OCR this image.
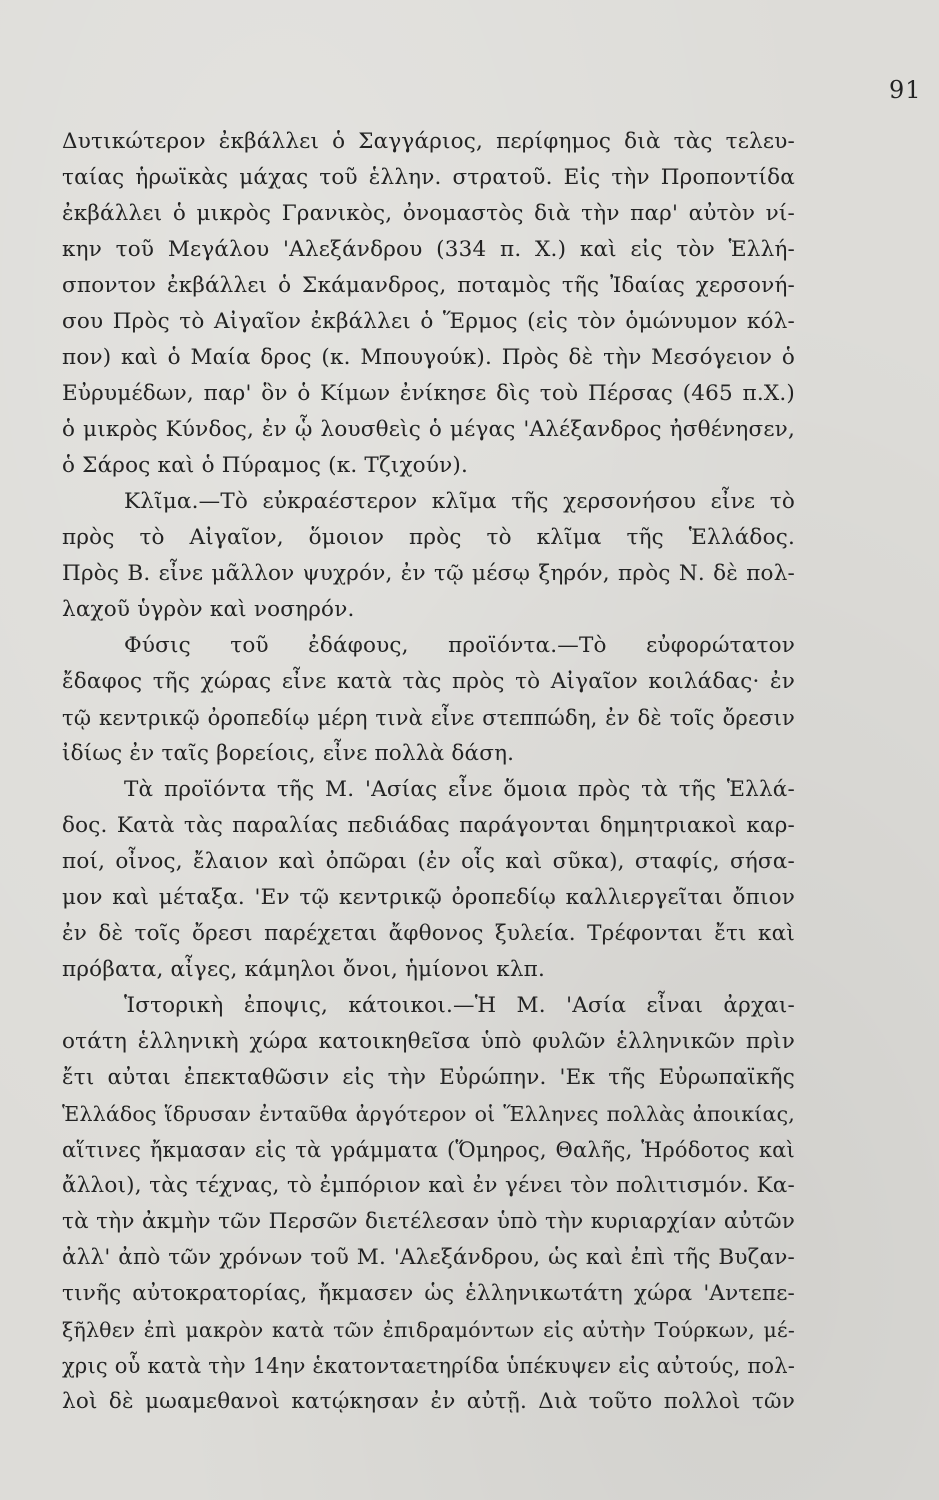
91
Δυτικώτερον ἐκβάλλει ὁ Σαγγάριος, περίφημος διὰ τὰς τελευ-
ταίας ἡρωϊκὰς μάχας τοῦ ἑλλην. στρατοῦ. Εἰς τὴν Προποντίδα
ἐκβάλλει ὁ μικρὸς Γρανικὸς, ὀνομαστὸς διὰ τὴν παρ' αὐτὸν νί-
κην τοῦ Μεγάλου 'Αλεξάνδρου (334 π. Χ.) καὶ εἰς τὸν Ἑλλή-
σποντον ἐκβάλλει ὁ Σκάμανδρος, ποταμὸς τῆς Ἰδαίας χερσονή-
σου Πρὸς τὸ Αἰγαῖον ἐκβάλλει ὁ Ἕρμος (εἰς τὸν ὁμώνυμον κόλ-
πον) καὶ ὁ Μαία δρος (κ. Μπουγούκ). Πρὸς δὲ τὴν Μεσόγειον ὁ
Εὐρυμέδων, παρ' ὃν ὁ Κίμων ἐνίκησε δὶς τοὺ Πέρσας (465 π.Χ.)
ὁ μικρὸς Κύνδος, ἐν ᾧ λουσθεὶς ὁ μέγας 'Αλέξανδρος ἠσθένησεν,
ὁ Σάρος καὶ ὁ Πύραμος (κ. Τζιχούν).
Κλῖμα.—Τὸ εὐκραέστερον κλῖμα τῆς χερσονήσου εἶνε τὸ
πρὸς τὸ Αἰγαῖον, ὅμοιον πρὸς τὸ κλῖμα τῆς Ἑλλάδος.
Πρὸς Β. εἶνε μᾶλλον ψυχρόν, ἐν τῷ μέσῳ ξηρόν, πρὸς Ν. δὲ πολ-
λαχοῦ ὑγρὸν καὶ νοσηρόν.
Φύσις τοῦ ἐδάφους, προϊόντα.—Τὸ εὐφορώτατον
ἔδαφος τῆς χώρας εἶνε κατὰ τὰς πρὸς τὸ Αἰγαῖον κοιλάδας· ἐν
τῷ κεντρικῷ ὀροπεδίῳ μέρη τινὰ εἶνε στεππώδη, ἐν δὲ τοῖς ὄρεσιν
ἰδίως ἐν ταῖς βορείοις, εἶνε πολλὰ δάση.
Τὰ προϊόντα τῆς Μ. 'Ασίας εἶνε ὅμοια πρὸς τὰ τῆς Ἑλλά-
δος. Κατὰ τὰς παραλίας πεδιάδας παράγονται δημητριακοὶ καρ-
ποί, οἶνος, ἔλαιον καὶ ὀπῶραι (ἐν οἷς καὶ σῦκα), σταφίς, σήσα-
μον καὶ μέταξα. 'Εν τῷ κεντρικῷ ὀροπεδίῳ καλλιεργεῖται ὄπιον
ἐν δὲ τοῖς ὄρεσι παρέχεται ἄφθονος ξυλεία. Τρέφονται ἔτι καὶ
πρόβατα, αἶγες, κάμηλοι ὄνοι, ἡμίονοι κλπ.
Ἱστορικὴ ἐποψις, κάτοικοι.—Ἡ Μ. 'Ασία εἶναι ἀρχαι-
οτάτη ἑλληνικὴ χώρα κατοικηθεῖσα ὑπὸ φυλῶν ἑλληνικῶν πρὶν
ἔτι αὐται ἐπεκταθῶσιν εἰς τὴν Εὐρώπην. 'Εκ τῆς Εὐρωπαϊκῆς
Ἑλλάδος ἵδρυσαν ἐνταῦθα ἀργότερον οἱ Ἕλληνες πολλὰς ἀποικίας,
αἵτινες ἤκμασαν εἰς τὰ γράμματα (Ὅμηρος, Θαλῆς, Ἡρόδοτος καὶ
ἄλλοι), τὰς τέχνας, τὸ ἐμπόριον καὶ ἐν γένει τὸν πολιτισμόν. Κα-
τὰ τὴν ἀκμὴν τῶν Περσῶν διετέλεσαν ὑπὸ τὴν κυριαρχίαν αὐτῶν
ἀλλ' ἀπὸ τῶν χρόνων τοῦ Μ. 'Αλεξάνδρου, ὡς καὶ ἐπὶ τῆς Βυζαν-
τινῆς αὐτοκρατορίας, ἤκμασεν ὡς ἑλληνικωτάτη χώρα 'Αντεπε-
ξῆλθεν ἐπὶ μακρὸν κατὰ τῶν ἐπιδραμόντων εἰς αὐτὴν Τούρκων, μέ-
χρις οὗ κατὰ τὴν 14ην ἑκατονταετηρίδα ὑπέκυψεν εἰς αὐτούς, πολ-
λοὶ δὲ μωαμεθανοὶ κατῴκησαν ἐν αὐτῇ. Διὰ τοῦτο πολλοὶ τῶν
